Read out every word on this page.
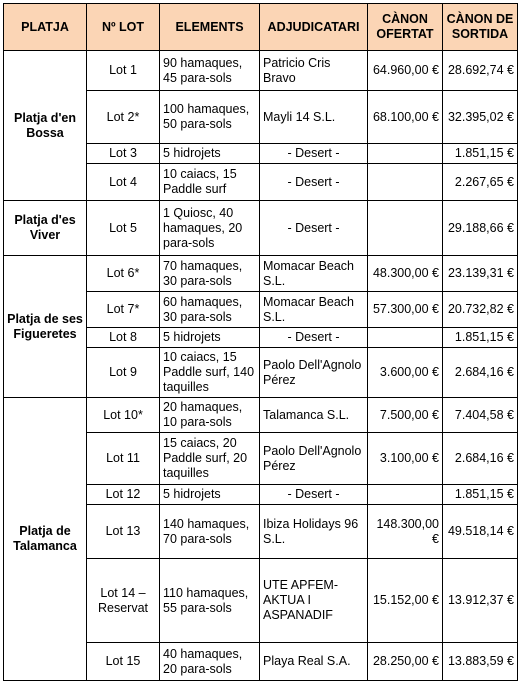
PLATJA	Nº LOT	ELEMENTS	ADJUDICATARI	CÀNON OFERTAT	CÀNON DE SORTIDA
Platja d'en Bossa	Lot 1	90 hamaques, 45 para-sols	Patricio Cris Bravo	64.960,00 €	28.692,74 €
	Lot 2*	100 hamaques, 50 para-sols	Mayli 14 S.L.	68.100,00 €	32.395,02 €
	Lot 3	5 hidrojets	- Desert -		1.851,15 €
	Lot 4	10 caiacs, 15 Paddle surf	- Desert -		2.267,65 €
Platja d'es Viver	Lot 5	1 Quiosc, 40 hamaques, 20 para-sols	- Desert -		29.188,66 €
Platja de ses Figueretes	Lot 6*	70 hamaques, 30 para-sols	Momacar Beach S.L.	48.300,00 €	23.139,31 €
	Lot 7*	60 hamaques, 30 para-sols	Momacar Beach S.L.	57.300,00 €	20.732,82 €
	Lot 8	5 hidrojets	- Desert -		1.851,15 €
	Lot 9	10 caiacs, 15 Paddle surf, 140 taquilles	Paolo Dell'Agnolo Pérez	3.600,00 €	2.684,16 €
Platja de Talamanca	Lot 10*	20 hamaques, 10 para-sols	Talamanca S.L.	7.500,00 €	7.404,58 €
	Lot 11	15 caiacs, 20 Paddle surf, 20 taquilles	Paolo Dell'Agnolo Pérez	3.100,00 €	2.684,16 €
	Lot 12	5 hidrojets	- Desert -		1.851,15 €
	Lot 13	140 hamaques, 70 para-sols	Ibiza Holidays 96 S.L.	148.300,00 €	49.518,14 €
	Lot 14 – Reservat	110 hamaques, 55 para-sols	UTE APFEM-AKTUA I ASPANADIF	15.152,00 €	13.912,37 €
	Lot 15	40 hamaques, 20 para-sols	Playa Real S.A.	28.250,00 €	13.883,59 €
